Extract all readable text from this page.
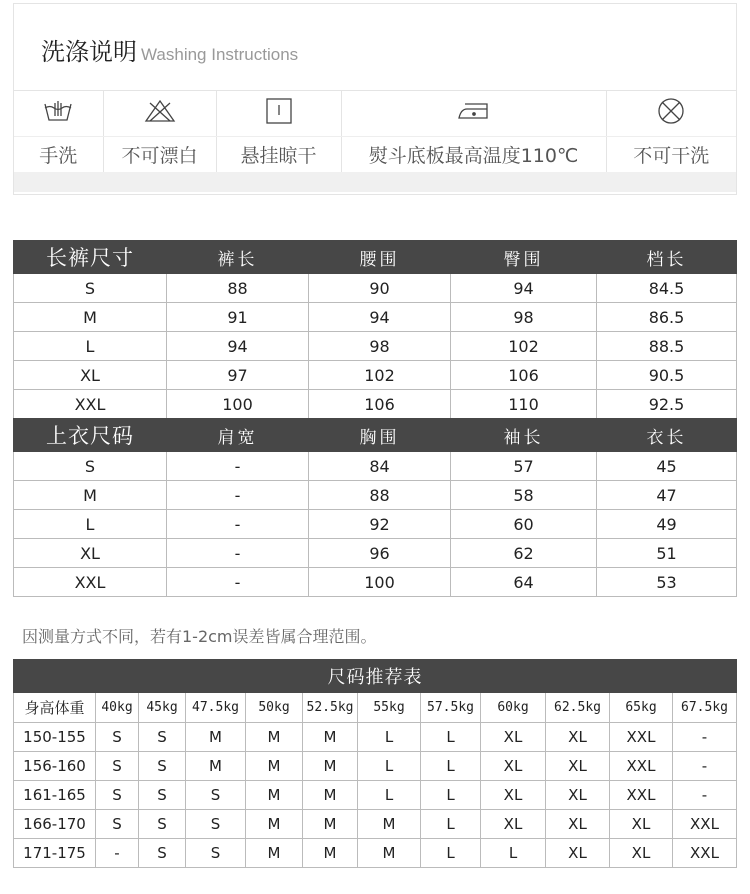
洗涤说明 Washing Instructions

手洗	不可漂白	悬挂晾干	熨斗底板最高温度110℃	不可干洗
长裤尺寸	裤长	腰围	臀围	档长
S	88	90	94	84.5
M	91	94	98	86.5
L	94	98	102	88.5
XL	97	102	106	90.5
XXL	100	106	110	92.5
上衣尺码	肩宽	胸围	袖长	衣长
S	-	84	57	45
M	-	88	58	47
L	-	92	60	49
XL	-	96	62	51
XXL	-	100	64	53
因测量方式不同，若有1-2cm误差皆属合理范围。
尺码推荐表											
身高体重	40kg	45kg	47.5kg	50kg	52.5kg	55kg	57.5kg	60kg	62.5kg	65kg	67.5kg
150-155	S	S	M	M	M	L	L	XL	XL	XXL	-
156-160	S	S	M	M	M	L	L	XL	XL	XXL	-
161-165	S	S	S	M	M	L	L	XL	XL	XXL	-
166-170	S	S	S	M	M	M	L	XL	XL	XL	XXL
171-175	-	S	S	M	M	M	L	L	XL	XL	XXL
